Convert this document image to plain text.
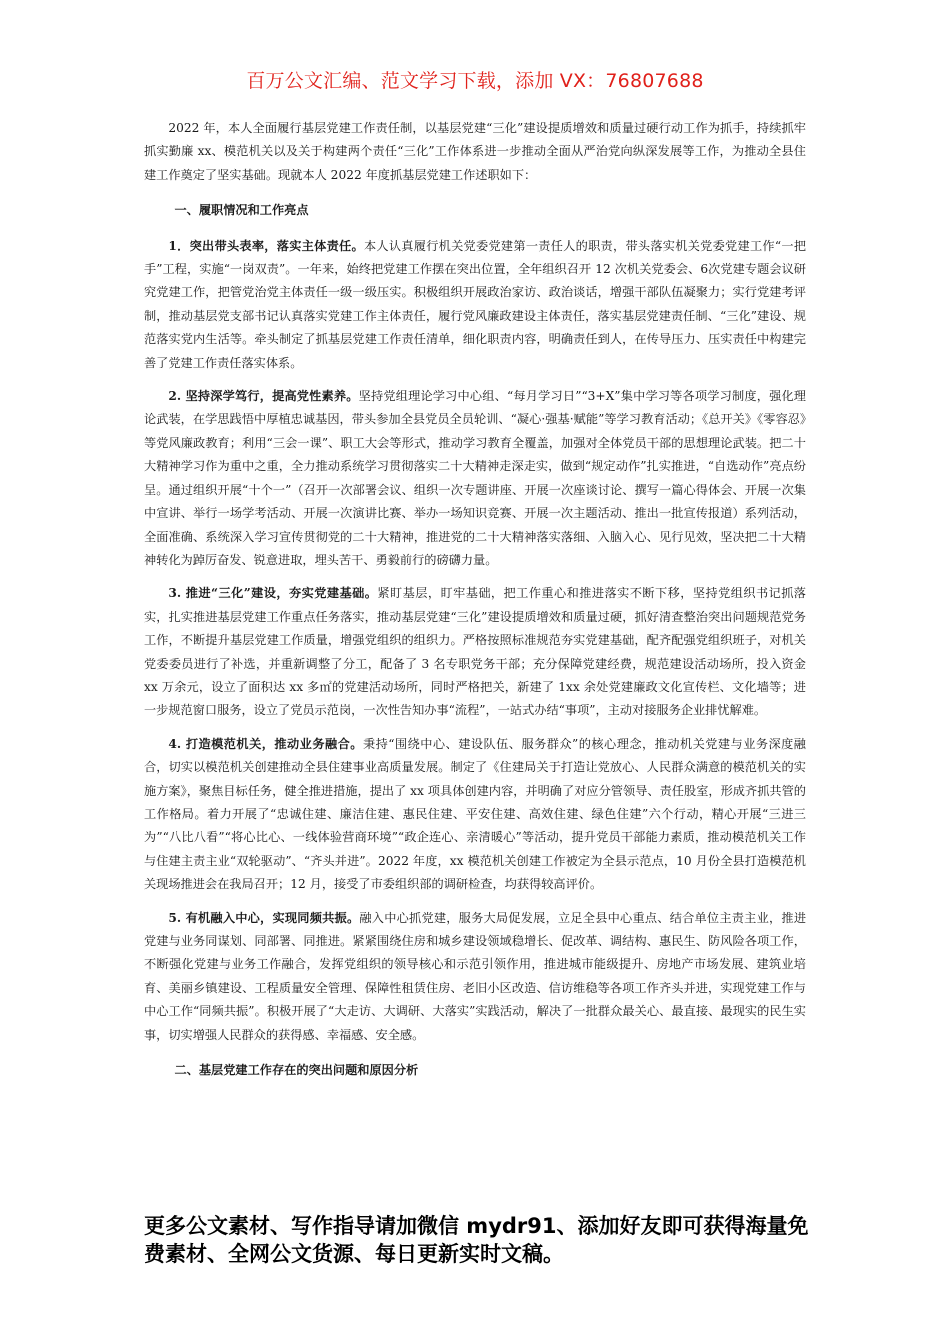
百万公文汇编、范文学习下载，添加 VX：76807688

2022 年，本人全面履行基层党建工作责任制，以基层党建“三化”建设提质增效和质量过硬行动工作为抓手，持续抓牢抓实勤廉 xx、模范机关以及关于构建两个责任“三化”工作体系进一步推动全面从严治党向纵深发展等工作，为推动全县住建工作奠定了坚实基础。现就本人 2022 年度抓基层党建工作述职如下：

一、履职情况和工作亮点

1．突出带头表率，落实主体责任。本人认真履行机关党委党建第一责任人的职责，带头落实机关党委党建工作“一把手”工程，实施“一岗双责”。一年来，始终把党建工作摆在突出位置，全年组织召开 12 次机关党委会、6次党建专题会议研究党建工作，把管党治党主体责任一级一级压实。积极组织开展政治家访、政治谈话，增强干部队伍凝聚力；实行党建考评制，推动基层党支部书记认真落实党建工作主体责任，履行党风廉政建设主体责任，落实基层党建责任制、“三化”建设、规范落实党内生活等。牵头制定了抓基层党建工作责任清单，细化职责内容，明确责任到人，在传导压力、压实责任中构建完善了党建工作责任落实体系。

2. 坚持深学笃行，提高党性素养。坚持党组理论学习中心组、“每月学习日”“3+X”集中学习等各项学习制度，强化理论武装，在学思践悟中厚植忠诚基因，带头参加全县党员全员轮训、“凝心·强基·赋能”等学习教育活动；《总开关》《零容忍》等党风廉政教育；利用“三会一课”、职工大会等形式，推动学习教育全覆盖，加强对全体党员干部的思想理论武装。把二十大精神学习作为重中之重，全力推动系统学习贯彻落实二十大精神走深走实，做到“规定动作”扎实推进，“自选动作”亮点纷呈。通过组织开展“十个一”（召开一次部署会议、组织一次专题讲座、开展一次座谈讨论、撰写一篇心得体会、开展一次集中宣讲、举行一场学考活动、开展一次演讲比赛、举办一场知识竞赛、开展一次主题活动、推出一批宣传报道）系列活动，全面准确、系统深入学习宣传贯彻党的二十大精神，推进党的二十大精神落实落细、入脑入心、见行见效，坚决把二十大精神转化为踔厉奋发、锐意进取，埋头苦干、勇毅前行的磅礴力量。

3. 推进“三化”建设，夯实党建基础。紧盯基层，盯牢基础，把工作重心和推进落实不断下移，坚持党组织书记抓落实，扎实推进基层党建工作重点任务落实，推动基层党建“三化”建设提质增效和质量过硬，抓好清查整治突出问题规范党务工作，不断提升基层党建工作质量，增强党组织的组织力。严格按照标准规范夯实党建基础，配齐配强党组织班子，对机关党委委员进行了补选，并重新调整了分工，配备了 3 名专职党务干部；充分保障党建经费，规范建设活动场所，投入资金 xx 万余元，设立了面积达 xx 多㎡的党建活动场所，同时严格把关，新建了 1xx 余处党建廉政文化宣传栏、文化墙等；进一步规范窗口服务，设立了党员示范岗，一次性告知办事“流程”，一站式办结“事项”，主动对接服务企业排忧解难。

4. 打造模范机关，推动业务融合。秉持“围绕中心、建设队伍、服务群众”的核心理念，推动机关党建与业务深度融合，切实以模范机关创建推动全县住建事业高质量发展。制定了《住建局关于打造让党放心、人民群众满意的模范机关的实施方案》，聚焦目标任务，健全推进措施，提出了 xx 项具体创建内容，并明确了对应分管领导、责任股室，形成齐抓共管的工作格局。着力开展了“忠诚住建、廉洁住建、惠民住建、平安住建、高效住建、绿色住建”六个行动，精心开展“三进三为”“八比八看”“将心比心、一线体验营商环境”“政企连心、亲清暖心”等活动，提升党员干部能力素质，推动模范机关工作与住建主责主业“双轮驱动”、“齐头并进”。2022 年度，xx 模范机关创建工作被定为全县示范点，10 月份全县打造模范机关现场推进会在我局召开；12 月，接受了市委组织部的调研检查，均获得较高评价。

5. 有机融入中心，实现同频共振。融入中心抓党建，服务大局促发展，立足全县中心重点、结合单位主责主业，推进党建与业务同谋划、同部署、同推进。紧紧围绕住房和城乡建设领域稳增长、促改革、调结构、惠民生、防风险各项工作，不断强化党建与业务工作融合，发挥党组织的领导核心和示范引领作用，推进城市能级提升、房地产市场发展、建筑业培育、美丽乡镇建设、工程质量安全管理、保障性租赁住房、老旧小区改造、信访维稳等各项工作齐头并进，实现党建工作与中心工作“同频共振”。积极开展了“大走访、大调研、大落实”实践活动，解决了一批群众最关心、最直接、最现实的民生实事，切实增强人民群众的获得感、幸福感、安全感。

二、基层党建工作存在的突出问题和原因分析
更多公文素材、写作指导请加微信 mydr91、添加好友即可获得海量免费素材、全网公文货源、每日更新实时文稿。
